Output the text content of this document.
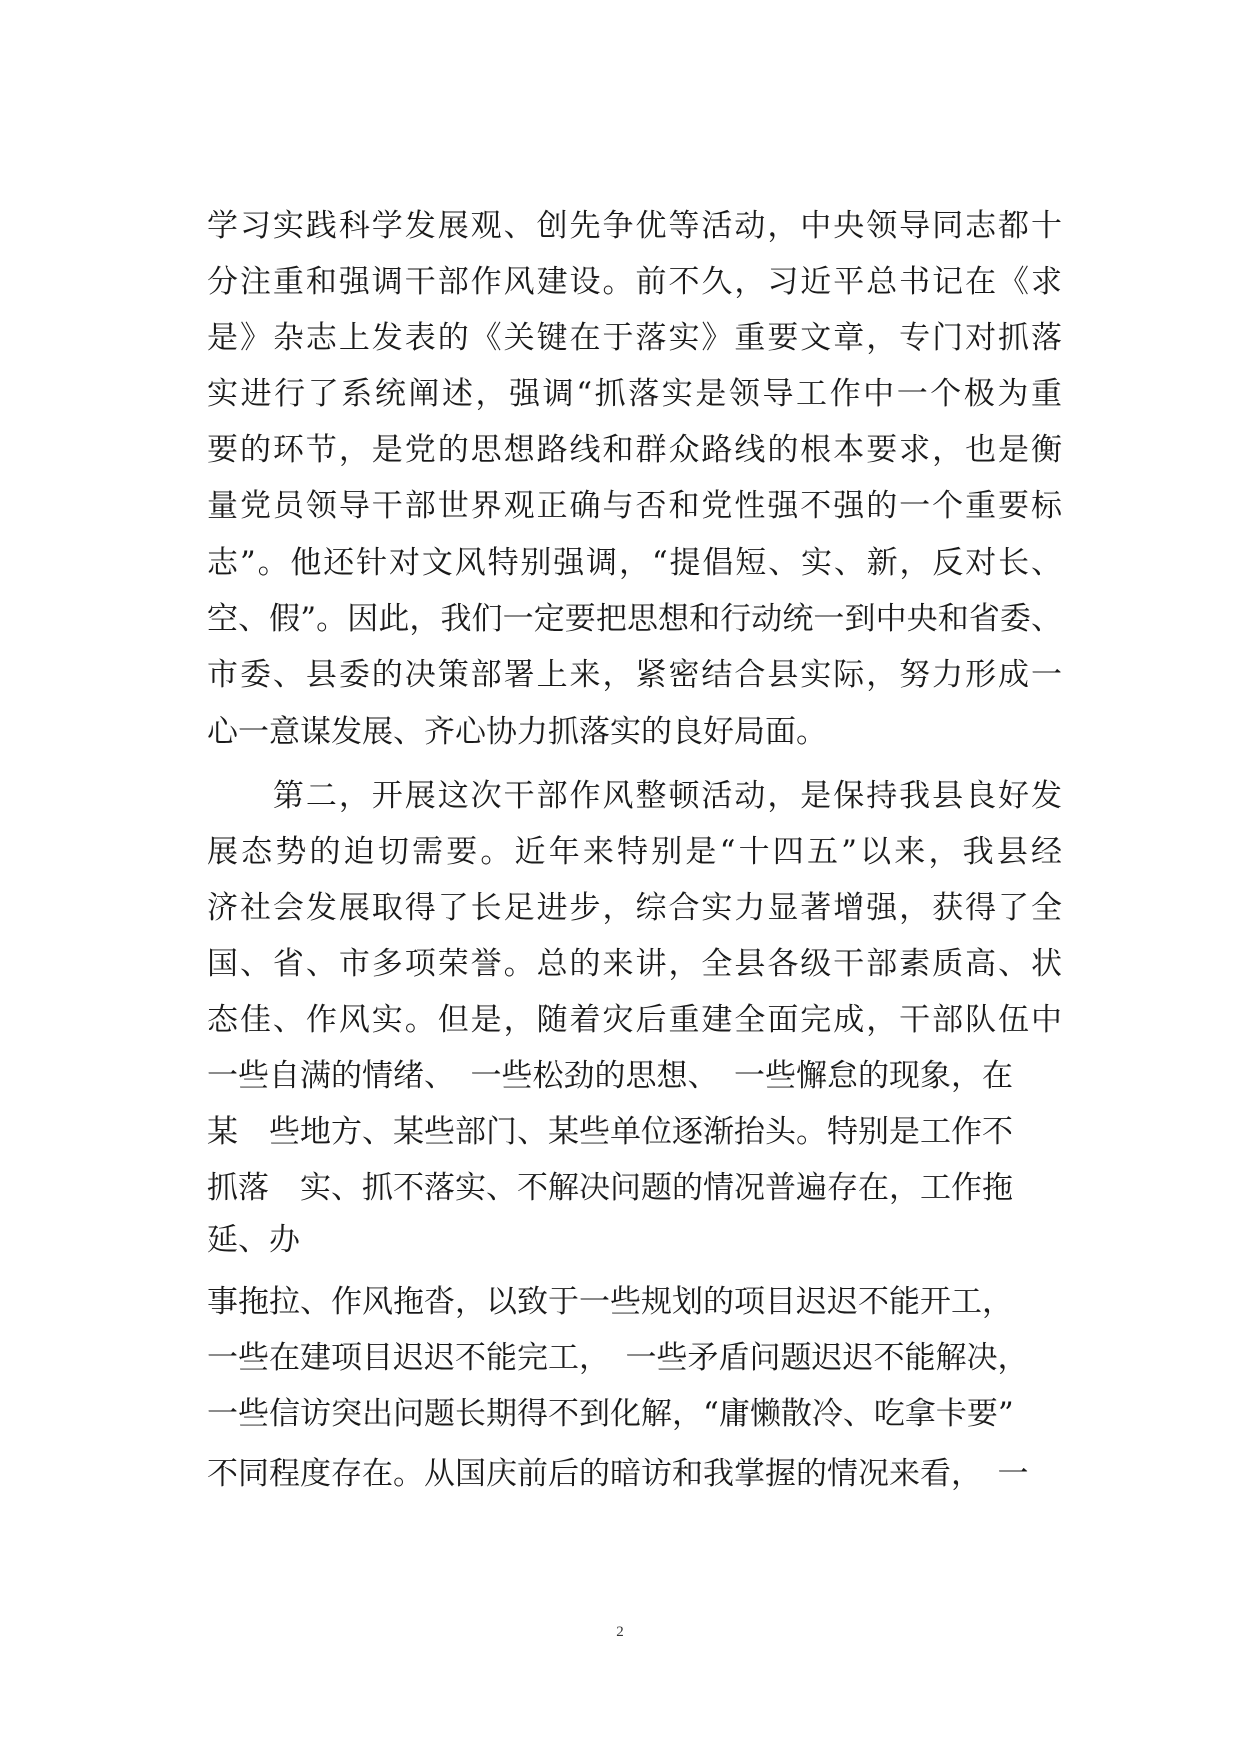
学习实践科学发展观、创先争优等活动，中央领导同志都十
分注重和强调干部作风建设。前不久，习近平总书记在《求
是》杂志上发表的《关键在于落实》重要文章，专门对抓落
实进行了系统阐述，强调“抓落实是领导工作中一个极为重
要的环节，是党的思想路线和群众路线的根本要求，也是衡
量党员领导干部世界观正确与否和党性强不强的一个重要标
志”。他还针对文风特别强调，“提倡短、实、新，反对长、
空、假”。因此，我们一定要把思想和行动统一到中央和省委、
市委、县委的决策部署上来，紧密结合县实际，努力形成一
心一意谋发展、齐心协力抓落实的良好局面。
　　第二，开展这次干部作风整顿活动，是保持我县良好发
展态势的迫切需要。近年来特别是“十四五”以来，我县经
济社会发展取得了长足进步，综合实力显著增强，获得了全
国、省、市多项荣誉。总的来讲，全县各级干部素质高、状
态佳、作风实。但是，随着灾后重建全面完成，干部队伍中
一些自满的情绪、　一些松劲的思想、　一些懈怠的现象，在
某　些地方、某些部门、某些单位逐渐抬头。特别是工作不
抓落　实、抓不落实、不解决问题的情况普遍存在，工作拖
延、办
事拖拉、作风拖沓，以致于一些规划的项目迟迟不能开工，
一些在建项目迟迟不能完工，　一些矛盾问题迟迟不能解决，
一些信访突出问题长期得不到化解，“庸懒散冷、吃拿卡要”
不同程度存在。从国庆前后的暗访和我掌握的情况来看，　一
2
